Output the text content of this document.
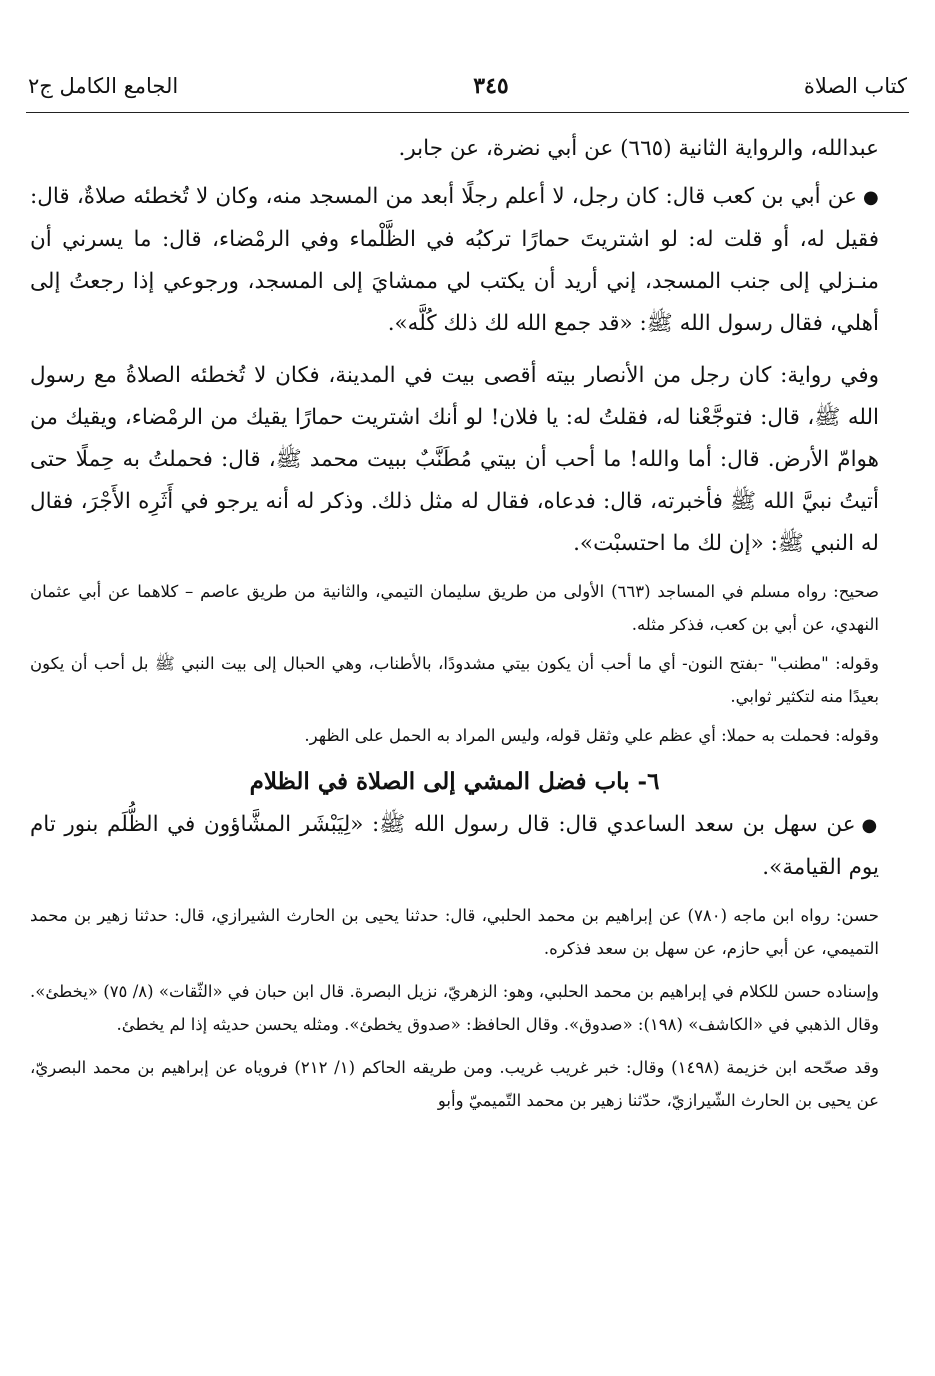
كتاب الصلاة
٣٤٥
الجامع الكامل ج٢

عبدالله، والرواية الثانية (٦٦٥) عن أبي نضرة، عن جابر.

●عن أبي بن كعب قال: كان رجل، لا أعلم رجلًا أبعد من المسجد منه، وكان لا تُخطئه صلاةٌ، قال: فقيل له، أو قلت له: لو اشتريتَ حمارًا تركبُه في الظَّلْماء وفي الرمْضاء، قال: ما يسرني أن منـزلي إلى جنب المسجد، إني أريد أن يكتب لي ممشايَ إلى المسجد، ورجوعي إذا رجعتُ إلى أهلي، فقال رسول الله ﷺ: «قد جمع الله لك ذلك كُلَّه».

وفي رواية: كان رجل من الأنصار بيته أقصى بيت في المدينة، فكان لا تُخطئه الصلاةُ مع رسول الله ﷺ، قال: فتوجَّعْنا له، فقلتُ له: يا فلان! لو أنك اشتريت حمارًا يقيك من الرمْضاء، ويقيك من هوامّ الأرض. قال: أما والله! ما أحب أن بيتي مُطَنَّبٌ ببيت محمد ﷺ، قال: فحملتُ به حِملًا حتى أتيتُ نبيَّ الله ﷺ فأخبرته، قال: فدعاه، فقال له مثل ذلك. وذكر له أنه يرجو في أَثَرِه الأَجْرَ، فقال له النبي ﷺ: «إن لك ما احتسبْت».

صحيح: رواه مسلم في المساجد (٦٦٣) الأولى من طريق سليمان التيمي، والثانية من طريق عاصم – كلاهما عن أبي عثمان النهدي، عن أبي بن كعب، فذكر مثله.

وقوله: "مطنب" -بفتح النون- أي ما أحب أن يكون بيتي مشدودًا، بالأطناب، وهي الحبال إلى بيت النبي ﷺ بل أحب أن يكون بعيدًا منه لتكثير ثوابي.

وقوله: فحملت به حملا: أي عظم علي وثقل قوله، وليس المراد به الحمل على الظهر.

٦- باب فضل المشي إلى الصلاة في الظلام

●عن سهل بن سعد الساعدي قال: قال رسول الله ﷺ: «لِيَبْشَر المشَّاؤون في الظُّلَم بنور تام يوم القيامة».

حسن: رواه ابن ماجه (٧٨٠) عن إبراهيم بن محمد الحلبي، قال: حدثنا يحيى بن الحارث الشيرازي، قال: حدثنا زهير بن محمد التميمي، عن أبي حازم، عن سهل بن سعد فذكره.

وإسناده حسن للكلام في إبراهيم بن محمد الحلبي، وهو: الزهريّ، نزيل البصرة. قال ابن حبان في «الثّقات» (٨/ ٧٥) «يخطئ». وقال الذهبي في «الكاشف» (١٩٨): «صدوق». وقال الحافظ: «صدوق يخطئ». ومثله يحسن حديثه إذا لم يخطئ.

وقد صحّحه ابن خزيمة (١٤٩٨) وقال: خبر غريب غريب. ومن طريقه الحاكم (١/ ٢١٢) فروياه عن إبراهيم بن محمد البصريّ، عن يحيى بن الحارث الشّيرازيّ، حدّثنا زهير بن محمد التّميميّ وأبو
